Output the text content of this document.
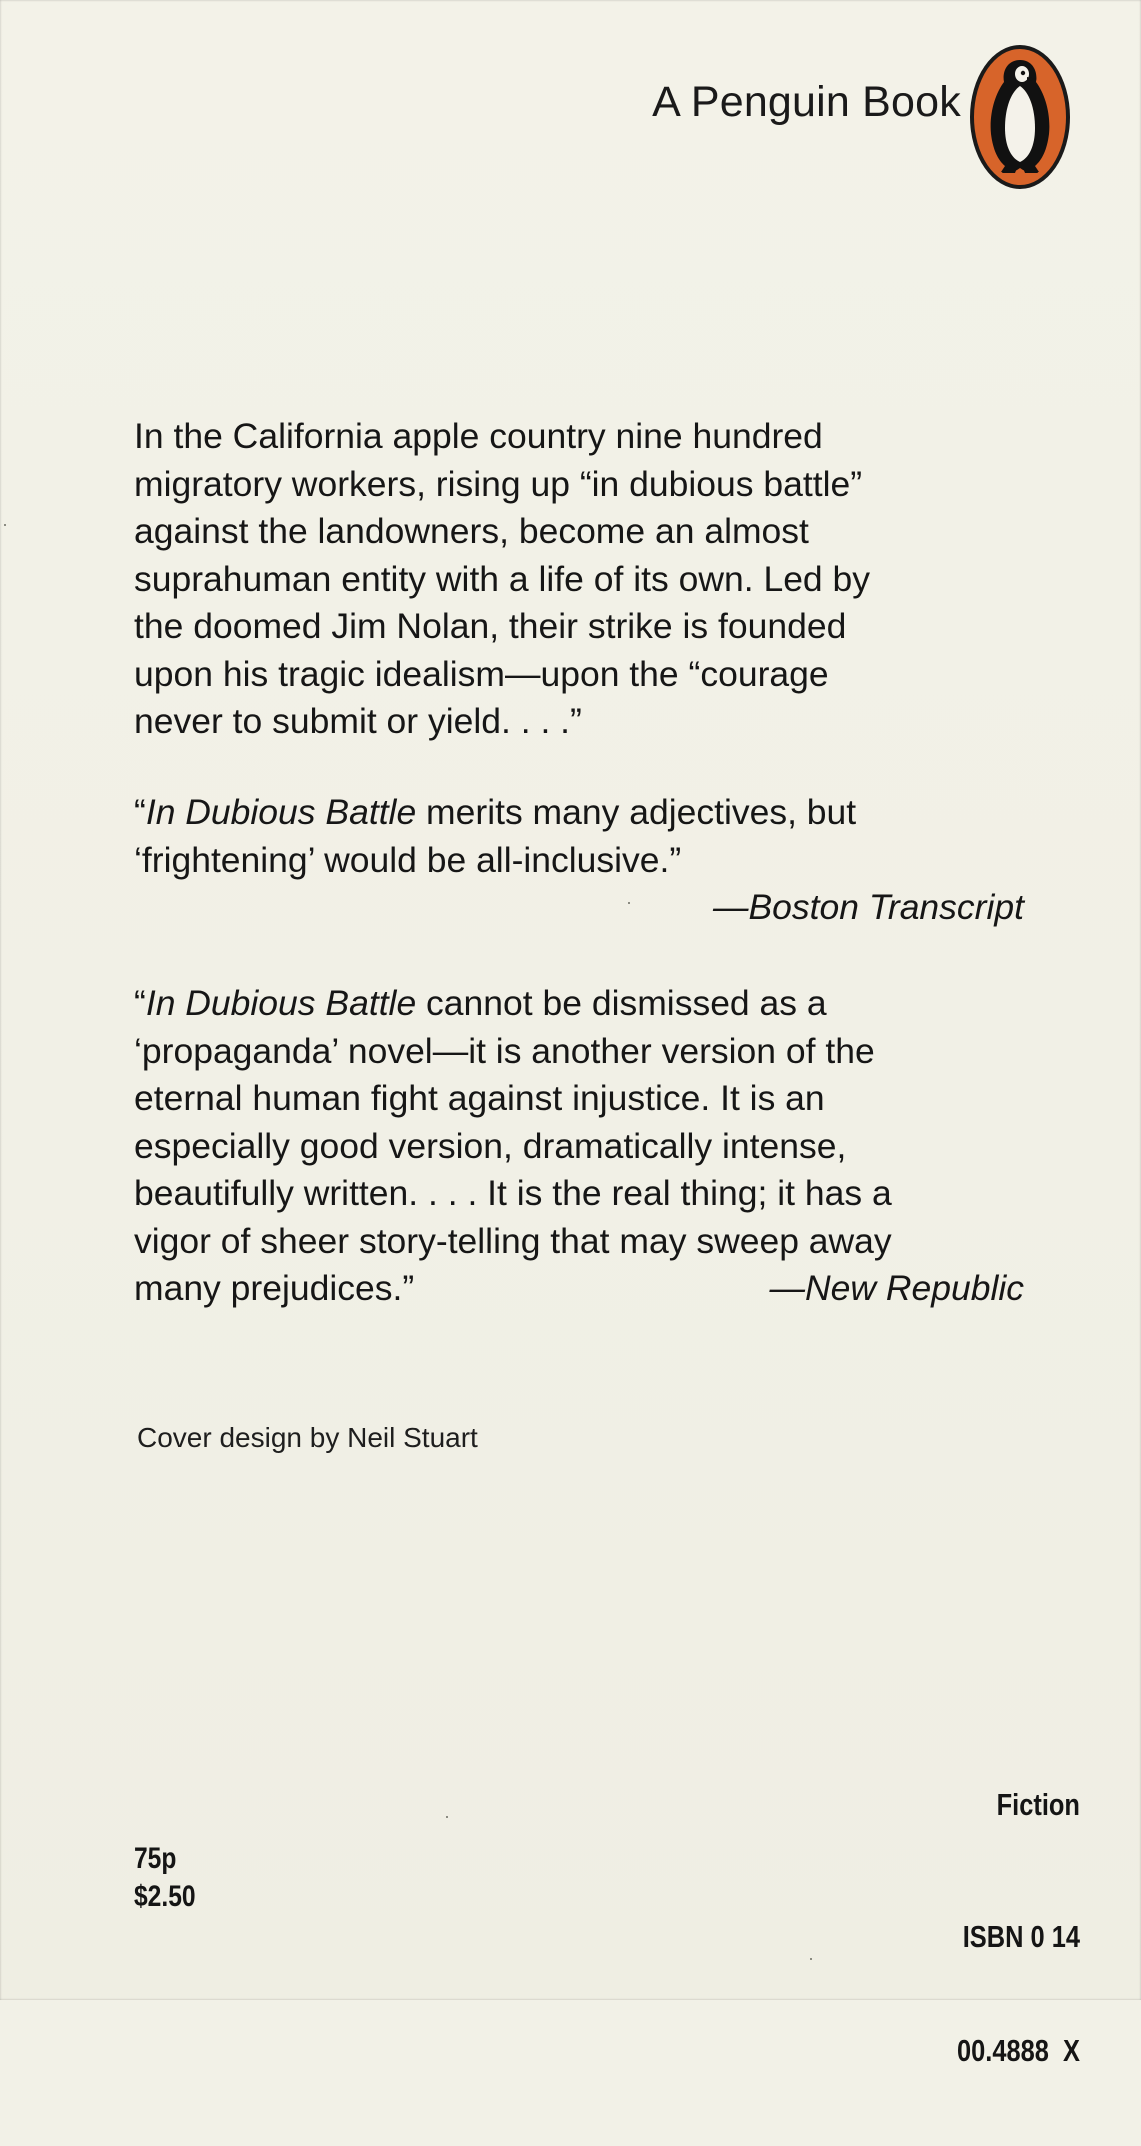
A Penguin Book

In the California apple country nine hundred
migratory workers, rising up “in dubious battle”
against the landowners, become an almost
suprahuman entity with a life of its own. Led by
the doomed Jim Nolan, their strike is founded
upon his tragic idealism—upon the “courage
never to submit or yield. . . .”

“In Dubious Battle merits many adjectives, but
‘frightening’ would be all-inclusive.”

—Boston Transcript

“In Dubious Battle cannot be dismissed as a
‘propaganda’ novel—it is another version of the
eternal human fight against injustice. It is an
especially good version, dramatically intense,
beautifully written. . . . It is the real thing; it has a
vigor of sheer story-telling that may sweep away
many prejudices.”	—New Republic
Cover design by Neil Stuart
75p
$2.50
Fiction

ISBN 0 14

00.4888  X
